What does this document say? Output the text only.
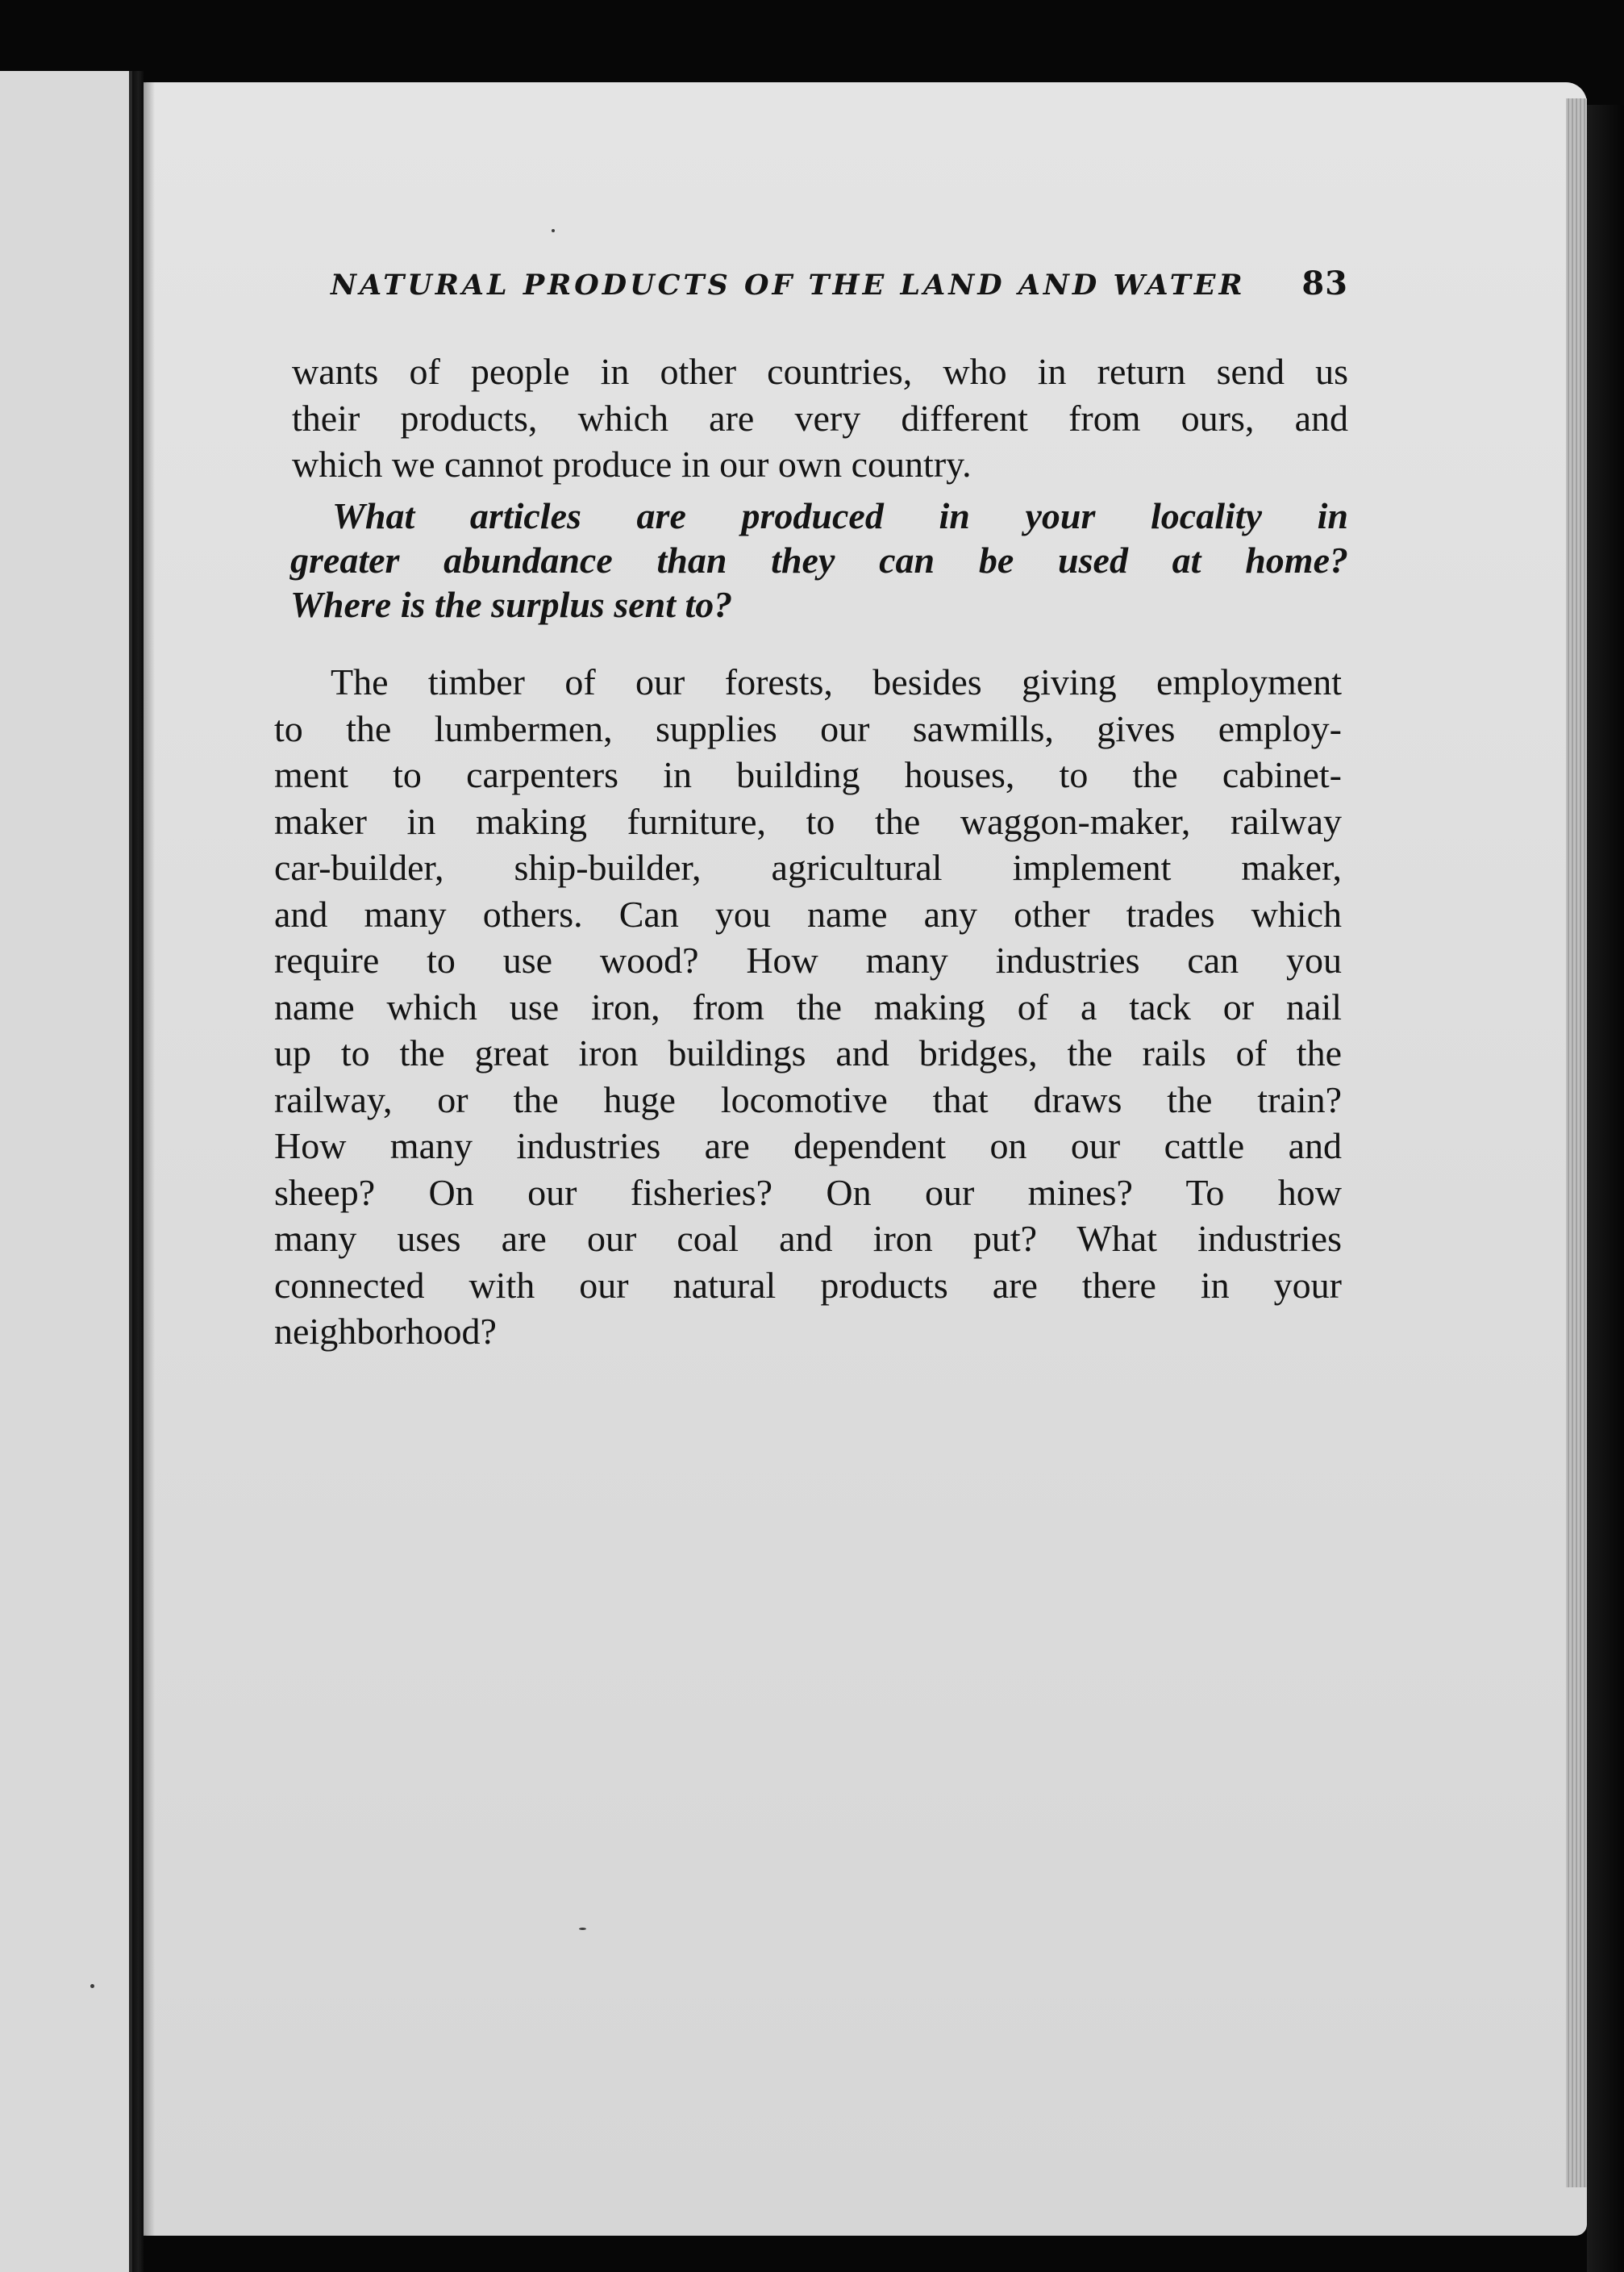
NATURAL PRODUCTS OF THE LAND AND WATER 83
wants of people in other countries, who in return send us
their products, which are very different from ours, and
which we cannot produce in our own country.
What articles are produced in your locality in
greater abundance than they can be used at home?
Where is the surplus sent to?
The timber of our forests, besides giving employment
to the lumbermen, supplies our sawmills, gives employ-
ment to carpenters in building houses, to the cabinet-
maker in making furniture, to the waggon-maker, railway
car-builder, ship-builder, agricultural implement maker,
and many others. Can you name any other trades which
require to use wood? How many industries can you
name which use iron, from the making of a tack or nail
up to the great iron buildings and bridges, the rails of the
railway, or the huge locomotive that draws the train?
How many industries are dependent on our cattle and
sheep? On our fisheries? On our mines? To how
many uses are our coal and iron put? What industries
connected with our natural products are there in your
neighborhood?
